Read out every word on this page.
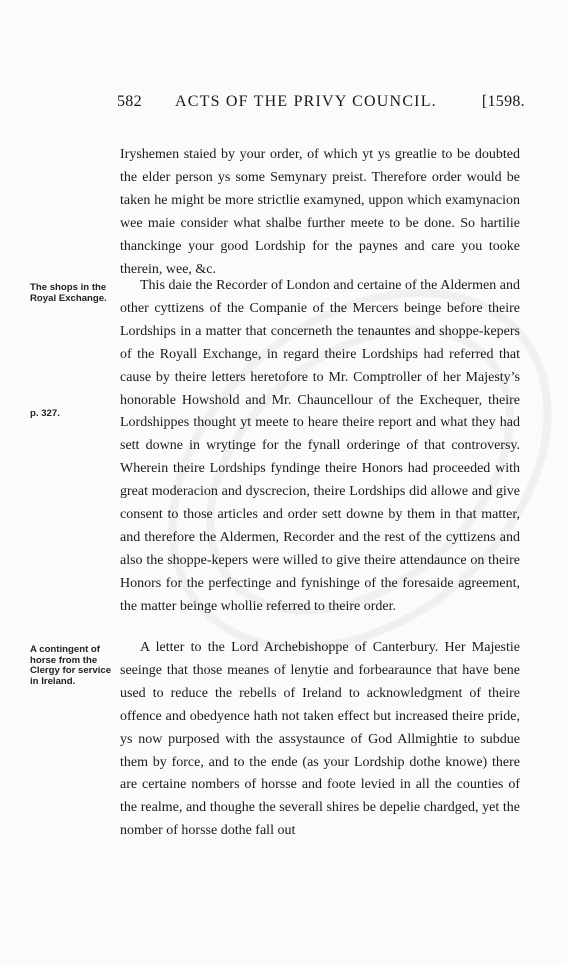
582 ACTS OF THE PRIVY COUNCIL.	[1598.

Iryshemen staied by your order, of which yt ys greatlie to be doubted the elder person ys some Semynary preist. Therefore order would be taken he might be more strictlie examyned, uppon which examynacion wee maie consider what shalbe further meete to be done. So hartilie thanckinge your good Lordship for the paynes and care you tooke therein, wee, &c.

The shops in the Royal Exchange.
p. 327.

This daie the Recorder of London and certaine of the Aldermen and other cyttizens of the Companie of the Mercers beinge before theire Lordships in a matter that concerneth the tenauntes and shoppe-kepers of the Royall Exchange, in regard theire Lordships had referred that cause by theire letters heretofore to Mr. Comptroller of her Majesty’s honorable Howshold and Mr. Chauncellour of the Exchequer, theire Lordshippes thought yt meete to heare theire report and what they had sett downe in wrytinge for the fynall orderinge of that controversy. Wherein theire Lordships fyndinge theire Honors had proceeded with great moderacion and dyscrecion, theire Lordships did allowe and give consent to those articles and order sett downe by them in that matter, and therefore the Aldermen, Recorder and the rest of the cyttizens and also the shoppe-kepers were willed to give theire attendaunce on theire Honors for the perfectinge and fynishinge of the foresaide agreement, the matter beinge whollie referred to theire order.

A contingent of horse from the Clergy for service in Ireland.

A letter to the Lord Archebishoppe of Canterbury. Her Majestie seeinge that those meanes of lenytie and forbearaunce that have bene used to reduce the rebells of Ireland to acknowledgment of theire offence and obedyence hath not taken effect but increased theire pride, ys now purposed with the assystaunce of God Allmightie to subdue them by force, and to the ende (as your Lordship dothe knowe) there are certaine nombers of horsse and foote levied in all the counties of the realme, and thoughe the severall shires be depelie chardged, yet the nomber of horsse dothe fall out
